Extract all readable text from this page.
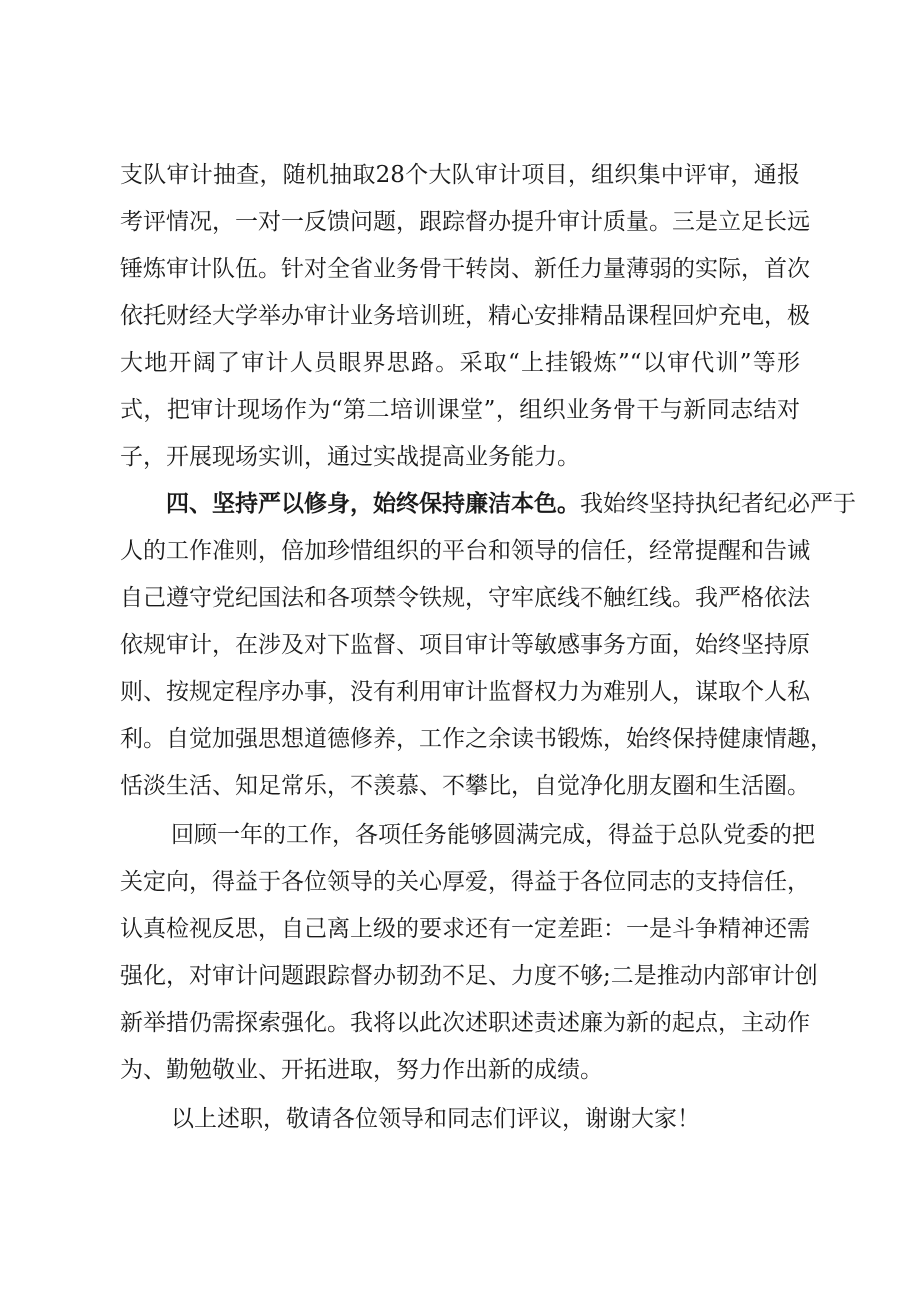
支队审计抽查，随机抽取28个大队审计项目，组织集中评审，通报
考评情况，一对一反馈问题，跟踪督办提升审计质量。三是立足长远
锤炼审计队伍。针对全省业务骨干转岗、新任力量薄弱的实际，首次
依托财经大学举办审计业务培训班，精心安排精品课程回炉充电，极
大地开阔了审计人员眼界思路。采取“上挂锻炼”“以审代训”等形
式，把审计现场作为“第二培训课堂”，组织业务骨干与新同志结对
子，开展现场实训，通过实战提高业务能力。
四、坚持严以修身，始终保持廉洁本色。我始终坚持执纪者纪必严于
人的工作准则，倍加珍惜组织的平台和领导的信任，经常提醒和告诫
自己遵守党纪国法和各项禁令铁规，守牢底线不触红线。我严格依法
依规审计，在涉及对下监督、项目审计等敏感事务方面，始终坚持原
则、按规定程序办事，没有利用审计监督权力为难别人，谋取个人私
利。自觉加强思想道德修养，工作之余读书锻炼，始终保持健康情趣，
恬淡生活、知足常乐，不羡慕、不攀比，自觉净化朋友圈和生活圈。
回顾一年的工作，各项任务能够圆满完成，得益于总队党委的把
关定向，得益于各位领导的关心厚爱，得益于各位同志的支持信任，
认真检视反思，自己离上级的要求还有一定差距：一是斗争精神还需
强化，对审计问题跟踪督办韧劲不足、力度不够;二是推动内部审计创
新举措仍需探索强化。我将以此次述职述责述廉为新的起点，主动作
为、勤勉敬业、开拓进取，努力作出新的成绩。
以上述职，敬请各位领导和同志们评议，谢谢大家！
